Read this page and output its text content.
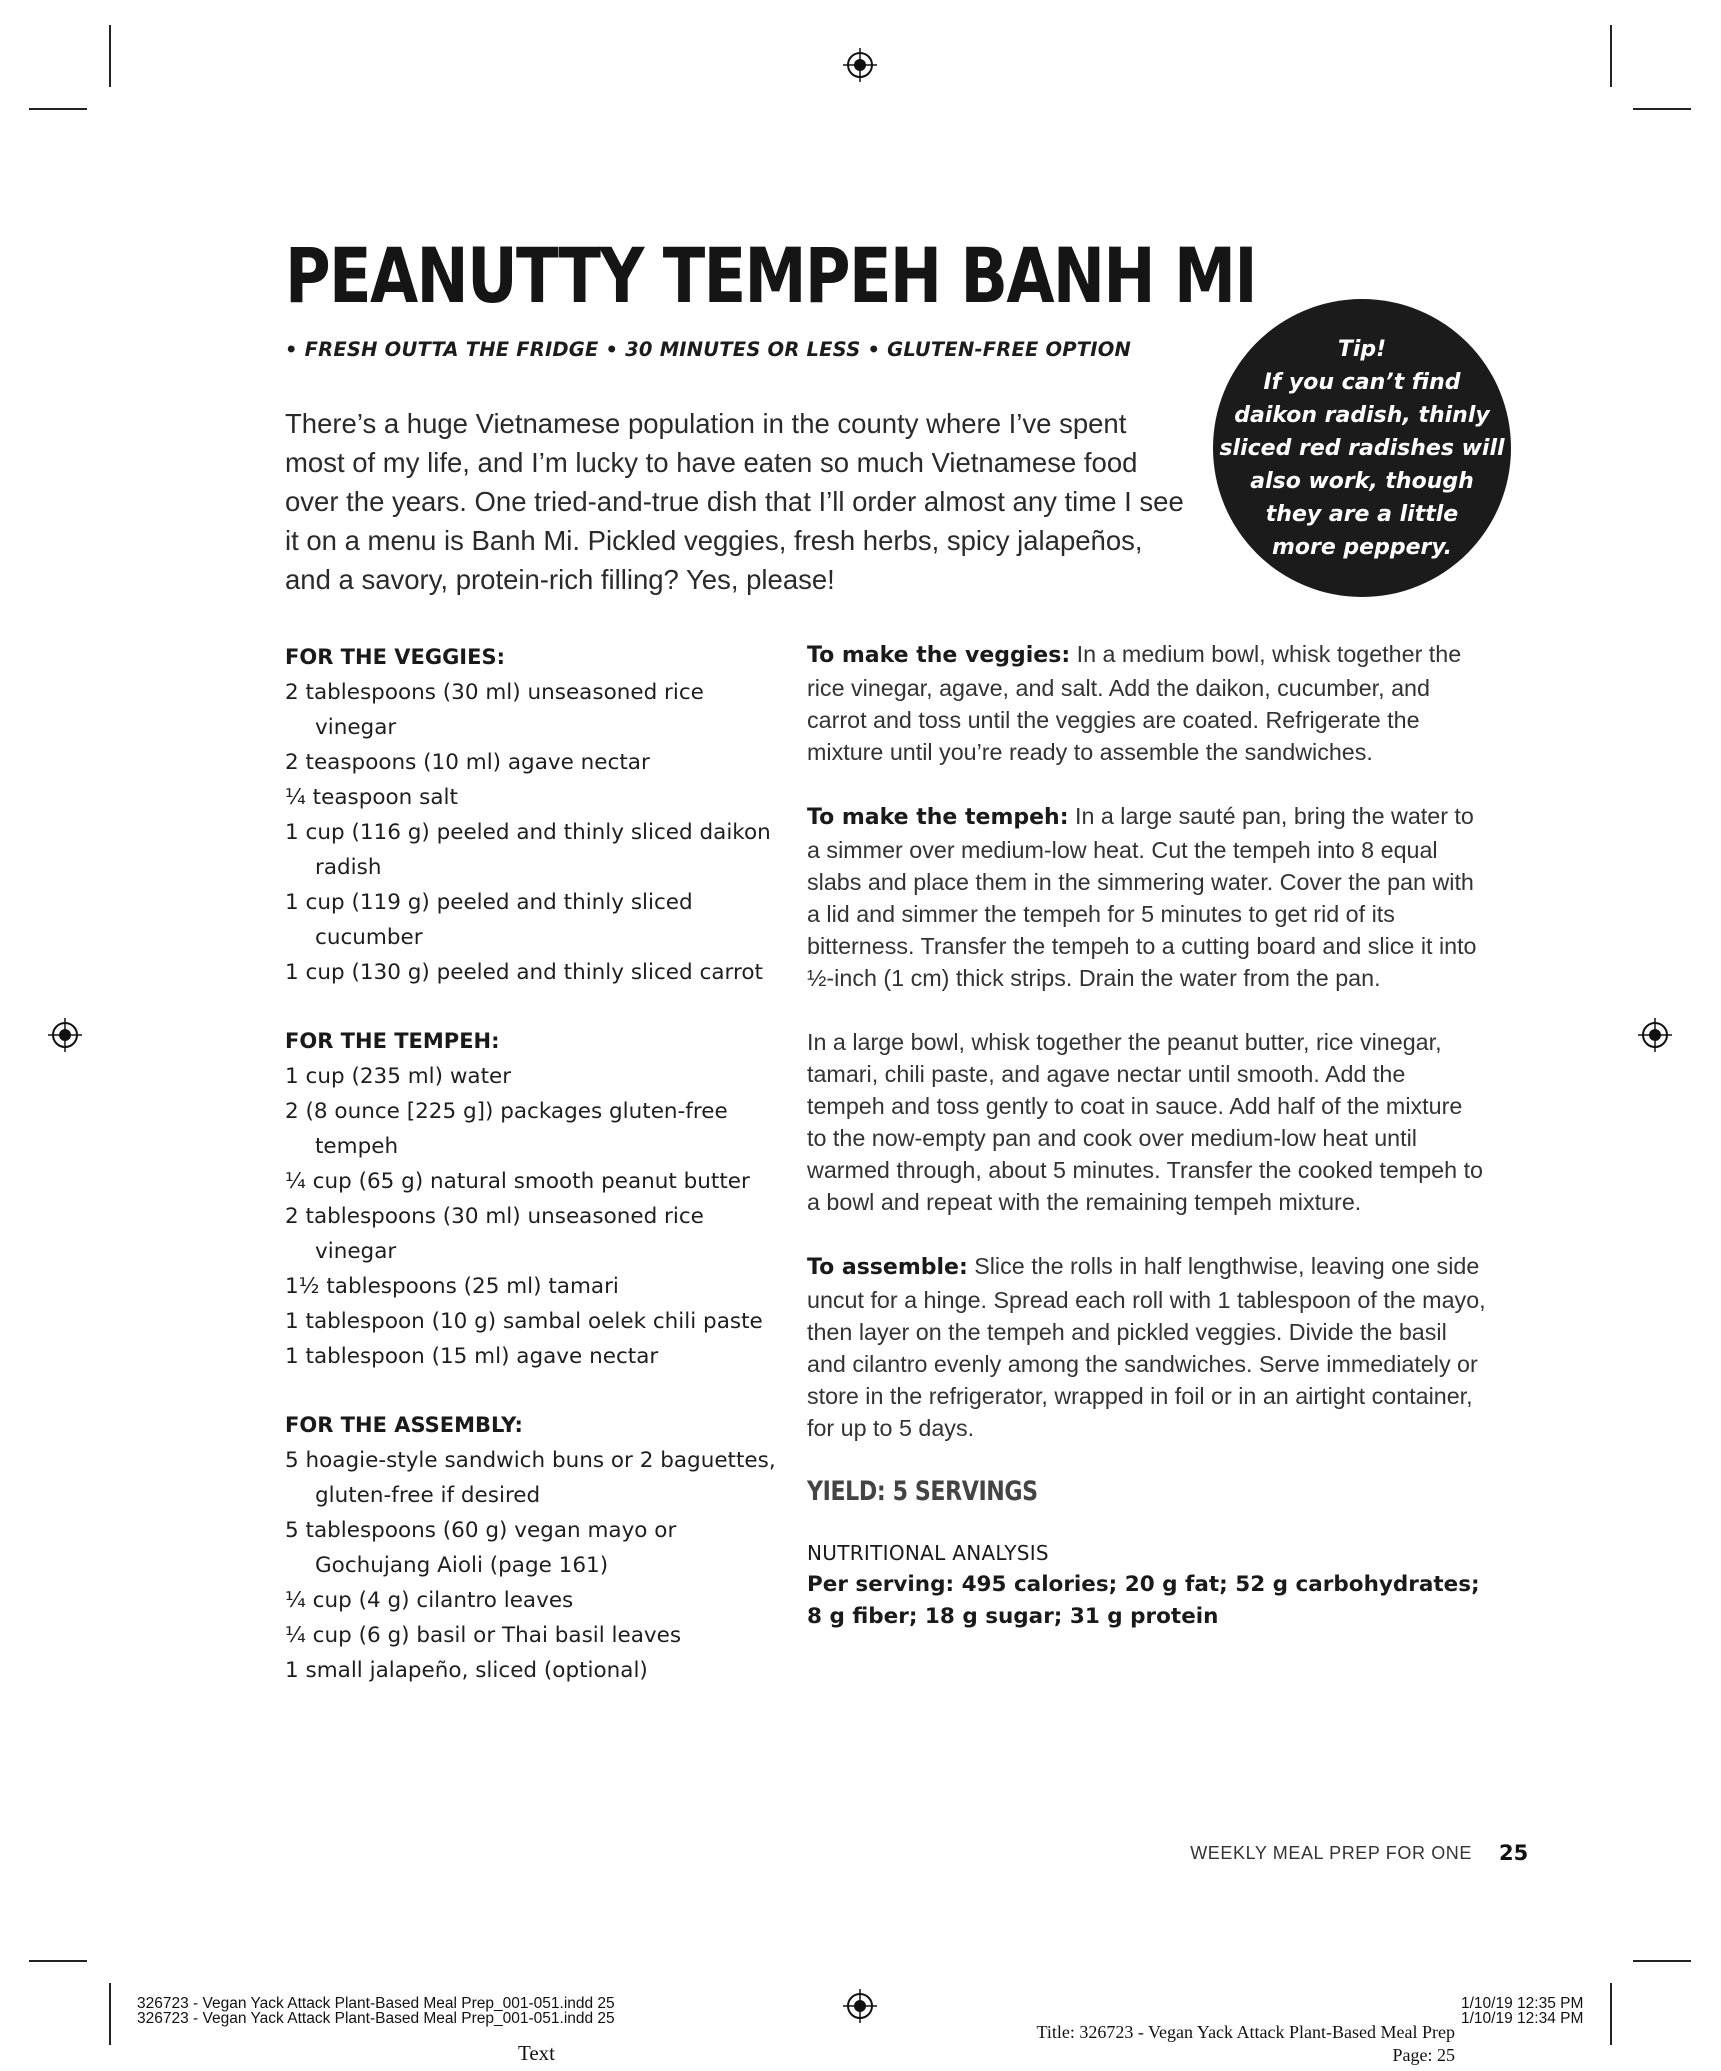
PEANUTTY TEMPEH BANH MI
• FRESH OUTTA THE FRIDGE • 30 MINUTES OR LESS • GLUTEN-FREE OPTION

There’s a huge Vietnamese population in the county where I’ve spent most of my life, and I’m lucky to have eaten so much Vietnamese food over the years. One tried-and-true dish that I’ll order almost any time I see it on a menu is Banh Mi. Pickled veggies, fresh herbs, spicy jalapeños, and a savory, protein-rich filling? Yes, please!

Tip!
If you can’t find
daikon radish, thinly
sliced red radishes will
also work, though
they are a little
more peppery.
FOR THE VEGGIES:
2 tablespoons (30 ml) unseasoned rice vinegar
2 teaspoons (10 ml) agave nectar
¼ teaspoon salt
1 cup (116 g) peeled and thinly sliced daikon radish
1 cup (119 g) peeled and thinly sliced cucumber
1 cup (130 g) peeled and thinly sliced carrot
FOR THE TEMPEH:
1 cup (235 ml) water
2 (8 ounce [225 g]) packages gluten-free tempeh
¼ cup (65 g) natural smooth peanut butter
2 tablespoons (30 ml) unseasoned rice vinegar
1½ tablespoons (25 ml) tamari
1 tablespoon (10 g) sambal oelek chili paste
1 tablespoon (15 ml) agave nectar
FOR THE ASSEMBLY:
5 hoagie-style sandwich buns or 2 baguettes, gluten-free if desired
5 tablespoons (60 g) vegan mayo or Gochujang Aioli (page 161)
¼ cup (4 g) cilantro leaves
¼ cup (6 g) basil or Thai basil leaves
1 small jalapeño, sliced (optional)

To make the veggies: In a medium bowl, whisk together the rice vinegar, agave, and salt. Add the daikon, cucumber, and carrot and toss until the veggies are coated. Refrigerate the mixture until you’re ready to assemble the sandwiches.

To make the tempeh: In a large sauté pan, bring the water to a simmer over medium-low heat. Cut the tempeh into 8 equal slabs and place them in the simmering water. Cover the pan with a lid and simmer the tempeh for 5 minutes to get rid of its bitterness. Transfer the tempeh to a cutting board and slice it into ½-inch (1 cm) thick strips. Drain the water from the pan.

In a large bowl, whisk together the peanut butter, rice vinegar, tamari, chili paste, and agave nectar until smooth. Add the tempeh and toss gently to coat in sauce. Add half of the mixture to the now-empty pan and cook over medium-low heat until warmed through, about 5 minutes. Transfer the cooked tempeh to a bowl and repeat with the remaining tempeh mixture.

To assemble: Slice the rolls in half lengthwise, leaving one side uncut for a hinge. Spread each roll with 1 tablespoon of the mayo, then layer on the tempeh and pickled veggies. Divide the basil and cilantro evenly among the sandwiches. Serve immediately or store in the refrigerator, wrapped in foil or in an airtight container, for up to 5 days.

YIELD: 5 SERVINGS

NUTRITIONAL ANALYSIS

Per serving: 495 calories; 20 g fat; 52 g carbohydrates;

8 g fiber; 18 g sugar; 31 g protein

WEEKLY MEAL PREP FOR ONE 25
326723 - Vegan Yack Attack Plant-Based Meal Prep_001-051.indd 25
326723 - Vegan Yack Attack Plant-Based Meal Prep_001-051.indd 25
1/10/19 12:35 PM
1/10/19 12:34 PM
Title: 326723 - Vegan Yack Attack Plant-Based Meal Prep
Page: 25
Text
